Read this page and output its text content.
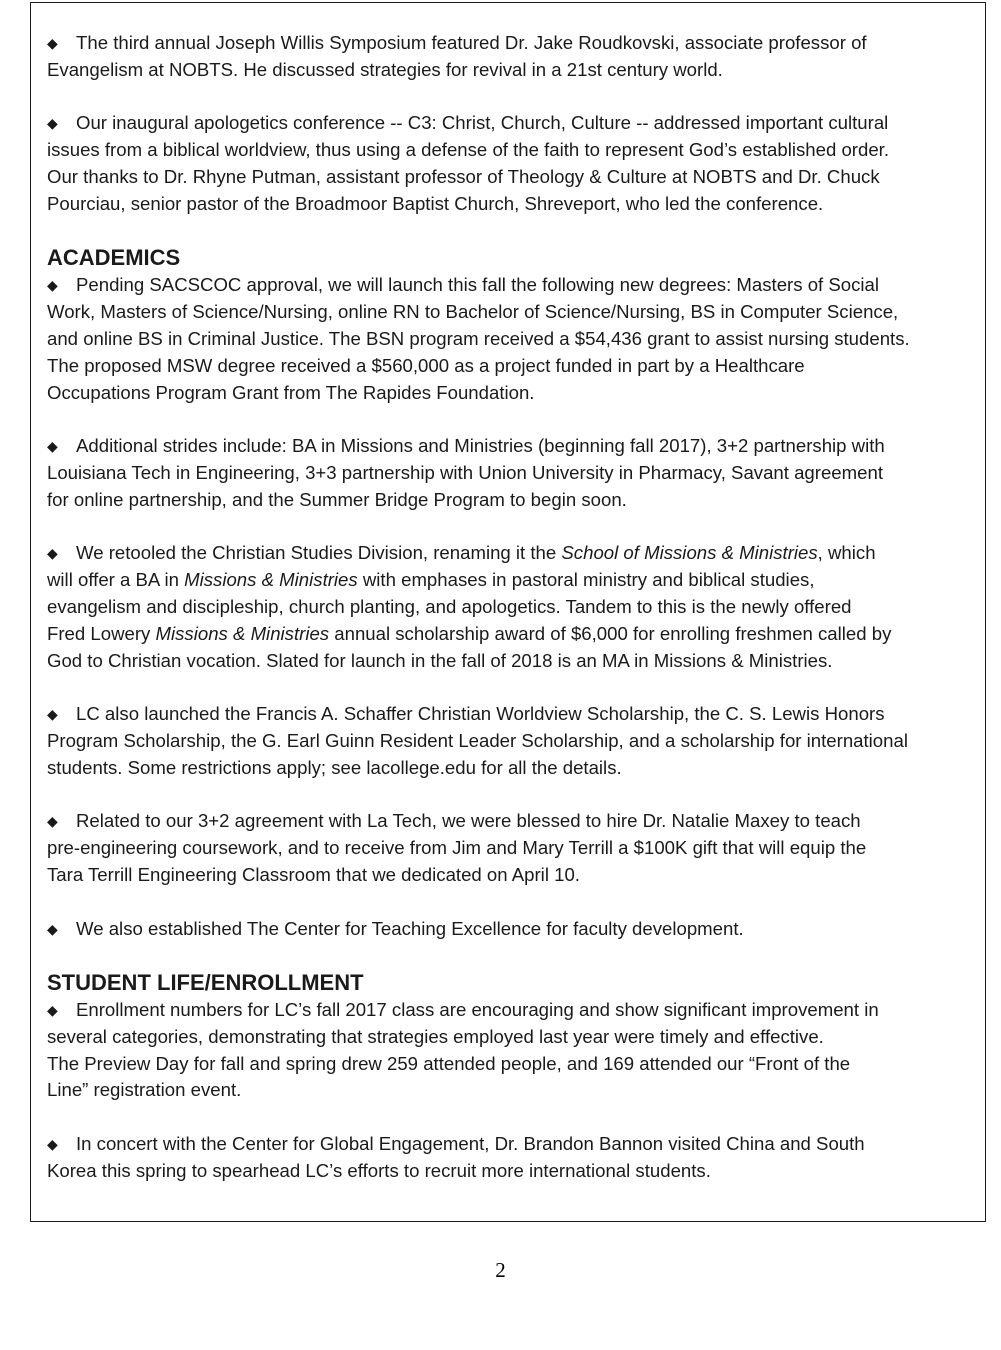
◆ The third annual Joseph Willis Symposium featured Dr. Jake Roudkovski, associate professor of
Evangelism at NOBTS. He discussed strategies for revival in a 21st century world.

◆ Our inaugural apologetics conference -- C3: Christ, Church, Culture -- addressed important cultural
issues from a biblical worldview, thus using a defense of the faith to represent God’s established order.
Our thanks to Dr. Rhyne Putman, assistant professor of Theology & Culture at NOBTS and Dr. Chuck
Pourciau, senior pastor of the Broadmoor Baptist Church, Shreveport, who led the conference.

ACADEMICS

◆ Pending SACSCOC approval, we will launch this fall the following new degrees: Masters of Social
Work, Masters of Science/Nursing, online RN to Bachelor of Science/Nursing, BS in Computer Science,
and online BS in Criminal Justice. The BSN program received a $54,436 grant to assist nursing students.
The proposed MSW degree received a $560,000 as a project funded in part by a Healthcare
Occupations Program Grant from The Rapides Foundation.

◆ Additional strides include: BA in Missions and Ministries (beginning fall 2017), 3+2 partnership with
Louisiana Tech in Engineering, 3+3 partnership with Union University in Pharmacy, Savant agreement
for online partnership, and the Summer Bridge Program to begin soon.

◆ We retooled the Christian Studies Division, renaming it the School of Missions & Ministries, which
will offer a BA in Missions & Ministries with emphases in pastoral ministry and biblical studies,
evangelism and discipleship, church planting, and apologetics. Tandem to this is the newly offered
Fred Lowery Missions & Ministries annual scholarship award of $6,000 for enrolling freshmen called by
God to Christian vocation. Slated for launch in the fall of 2018 is an MA in Missions & Ministries.

◆ LC also launched the Francis A. Schaffer Christian Worldview Scholarship, the C. S. Lewis Honors
Program Scholarship, the G. Earl Guinn Resident Leader Scholarship, and a scholarship for international
students. Some restrictions apply; see lacollege.edu for all the details.

◆ Related to our 3+2 agreement with La Tech, we were blessed to hire Dr. Natalie Maxey to teach
pre-engineering coursework, and to receive from Jim and Mary Terrill a $100K gift that will equip the
Tara Terrill Engineering Classroom that we dedicated on April 10.

◆ We also established The Center for Teaching Excellence for faculty development.

STUDENT LIFE/ENROLLMENT

◆ Enrollment numbers for LC’s fall 2017 class are encouraging and show significant improvement in
several categories, demonstrating that strategies employed last year were timely and effective.
The Preview Day for fall and spring drew 259 attended people, and 169 attended our “Front of the
Line” registration event.

◆ In concert with the Center for Global Engagement, Dr. Brandon Bannon visited China and South
Korea this spring to spearhead LC’s efforts to recruit more international students.

2
